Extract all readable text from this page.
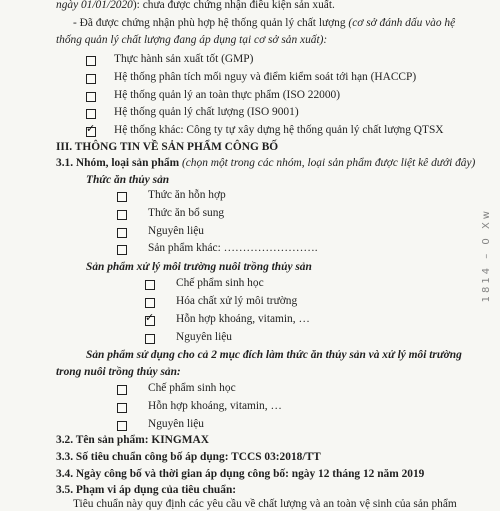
ngày 01/01/2020): chưa được chứng nhận điều kiện sản xuất.
- Đã được chứng nhận phù hợp hệ thống quản lý chất lượng (cơ sở đánh dấu vào hệ
thống quản lý chất lượng đang áp dụng tại cơ sở sản xuất):
Thực hành sản xuất tốt (GMP)
Hệ thống phân tích mối nguy và điểm kiểm soát tới hạn (HACCP)
Hệ thống quản lý an toàn thực phẩm (ISO 22000)
Hệ thống quản lý chất lượng (ISO 9001)
✓ Hệ thống khác: Công ty tự xây dựng hệ thống quản lý chất lượng QTSX
III. THÔNG TIN VỀ SẢN PHẨM CÔNG BỐ
3.1. Nhóm, loại sản phẩm (chọn một trong các nhóm, loại sản phẩm được liệt kê dưới đây)
Thức ăn thủy sản
Thức ăn hỗn hợp
Thức ăn bổ sung
Nguyên liệu
Sản phẩm khác: …………………….
Sản phẩm xử lý môi trường nuôi trồng thủy sản
Chế phẩm sinh học
Hóa chất xử lý môi trường
✓ Hỗn hợp khoáng, vitamin, …
Nguyên liệu
Sản phẩm sử dụng cho cả 2 mục đích làm thức ăn thủy sản và xử lý môi trường
trong nuôi trồng thủy sản:
Chế phẩm sinh học
Hỗn hợp khoáng, vitamin, …
Nguyên liệu
3.2. Tên sản phẩm: KINGMAX
3.3. Số tiêu chuẩn công bố áp dụng: TCCS 03:2018/TT
3.4. Ngày công bố và thời gian áp dụng công bố: ngày 12 tháng 12 năm 2019
3.5. Phạm vi áp dụng của tiêu chuẩn:
Tiêu chuẩn này quy định các yêu cầu về chất lượng và an toàn vệ sinh của sản phẩm
1814 – 0 Xw
